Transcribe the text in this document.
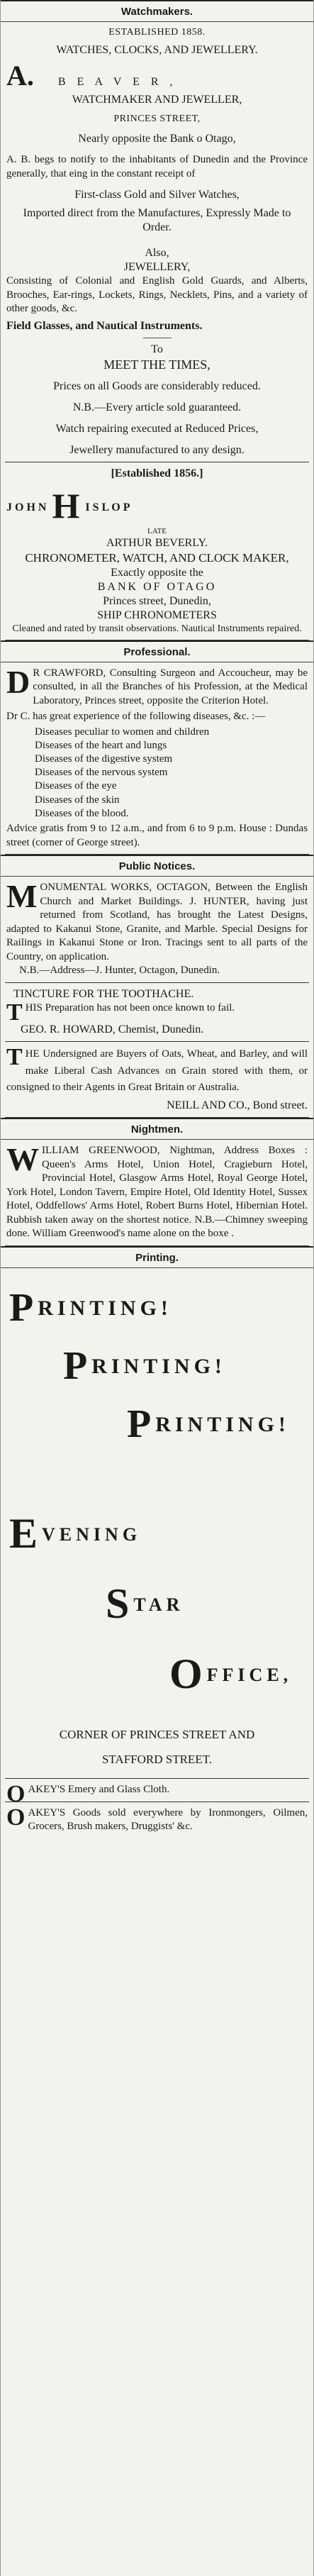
Watchmakers.
ESTABLISHED 1858.
WATCHES, CLOCKS, AND JEWELLERY.
A. B E A V E R ,
WATCHMAKER AND JEWELLER,
PRINCES STREET,
Nearly opposite the Bank o Otago,
A. B. begs to notify to the inhabitants of Dunedin and the Province generally, that eing in the constant receipt of
First-class Gold and Silver Watches,
Imported direct from the Manufactures, Expressly Made to Order.
Also,
JEWELLERY,
Consisting of Colonial and English Gold Guards, and Alberts, Brooches, Ear-rings, Lockets, Rings, Necklets, Pins, and a variety of other goods, &c.
Field Glasses, and Nautical Instruments.
To
MEET THE TIMES,
Prices on all Goods are considerably reduced.
N.B.—Every article sold guaranteed.
Watch repairing executed at Reduced Prices,
Jewellery manufactured to any design.
[Established 1856.]
J O H N H I S L O P
LATE
ARTHUR BEVERLY.
CHRONOMETER, WATCH, AND CLOCK MAKER,
Exactly opposite the
BANK OF OTAGO
Princes street, Dunedin,
SHIP CHRONOMETERS
Cleaned and rated by transit observations. Nautical Instruments repaired.
Professional.
D R CRAWFORD, Consulting Surgeon and Accoucheur, may be consulted, in all the Branches of his Profession, at the Medical Laboratory, Princes street, opposite the Criterion Hotel.
Dr C. has great experience of the following diseases, &c. :—
Diseases peculiar to women and children
Diseases of the heart and lungs
Diseases of the digestive system
Diseases of the nervous system
Diseases of the eye
Diseases of the skin
Diseases of the blood.
Advice gratis from 9 to 12 a.m., and from 6 to 9 p.m. House : Dundas street (corner of George street).
Public Notices.
M ONUMENTAL WORKS, OCTAGON, Between the English Church and Market Buildings. J. HUNTER, having just returned from Scotland, has brought the Latest Designs, adapted to Kakanui Stone, Granite, and Marble. Special Designs for Railings in Kakanui Stone or Iron. Tracings sent to all parts of the Country, on application.
N.B.—Address—J. Hunter, Octagon, Dunedin.
TINCTURE FOR THE TOOTHACHE.
T HIS Preparation has not been once known to fail.
GEO. R. HOWARD, Chemist, Dunedin.
T HE Undersigned are Buyers of Oats, Wheat, and Barley, and will make Liberal Cash Advances on Grain stored with them, or consigned to their Agents in Great Britain or Australia.
NEILL AND CO., Bond street.
Nightmen.
W ILLIAM GREENWOOD, Nightman, Address Boxes : Queen's Arms Hotel, Union Hotel, Cragieburn Hotel, Provincial Hotel, Glasgow Arms Hotel, Royal George Hotel, York Hotel, London Tavern, Empire Hotel, Old Identity Hotel, Sussex Hotel, Oddfellows' Arms Hotel, Robert Burns Hotel, Hibernian Hotel. Rubbish taken away on the shortest notice. N.B.—Chimney sweeping done. William Greenwood's name alone on the boxe .
Printing.
PRINTING!
PRINTING!
PRINTING!
EVENING
STAR
OFFICE,
CORNER OF PRINCES STREET AND
STAFFORD STREET.
O AKEY'S Emery and Glass Cloth.
O AKEY'S Goods sold everywhere by Ironmongers, Oilmen, Grocers, Brush makers, Druggists' &c.
